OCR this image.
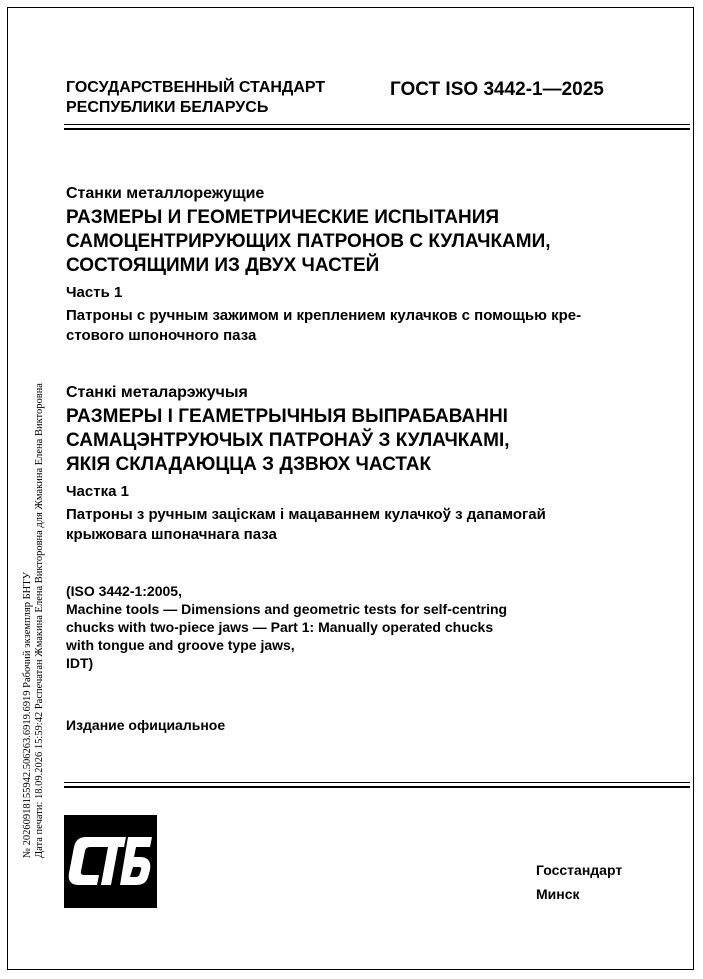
ГОСУДАРСТВЕННЫЙ СТАНДАРТ
РЕСПУБЛИКИ БЕЛАРУСЬ
ГОСТ ISO 3442-1—2025
Станки металлорежущие
РАЗМЕРЫ И ГЕОМЕТРИЧЕСКИЕ ИСПЫТАНИЯ
САМОЦЕНТРИРУЮЩИХ ПАТРОНОВ С КУЛАЧКАМИ,
СОСТОЯЩИМИ ИЗ ДВУХ ЧАСТЕЙ
Часть 1
Патроны с ручным зажимом и креплением кулачков с помощью кре-
стового шпоночного паза
Станкі металарэжучыя
РАЗМЕРЫ І ГЕАМЕТРЫЧНЫЯ ВЫПРАБАВАННІ
САМАЦЭНТРУЮЧЫХ ПАТРОНАЎ З КУЛАЧКАМІ,
ЯКІЯ СКЛАДАЮЦЦА З ДЗВЮХ ЧАСТАК
Частка 1
Патроны з ручным заціскам і мацаваннем кулачкоў з дапамогай
крыжовага шпоначнага паза
(ISO 3442-1:2005,
Machine tools — Dimensions and geometric tests for self-centring
chucks with two-piece jaws — Part 1: Manually operated chucks
with tongue and groove type jaws,
IDT)
Издание официальное
№ 20260918155942.506263.6919.6919 Рабочий экземпляр БНТУ Дата печати: 18.09.2026 15:59:42 Распечатан Жмакина Елена Викторовна для Жмакина Елена Викторовна
Госстандарт
Минск
